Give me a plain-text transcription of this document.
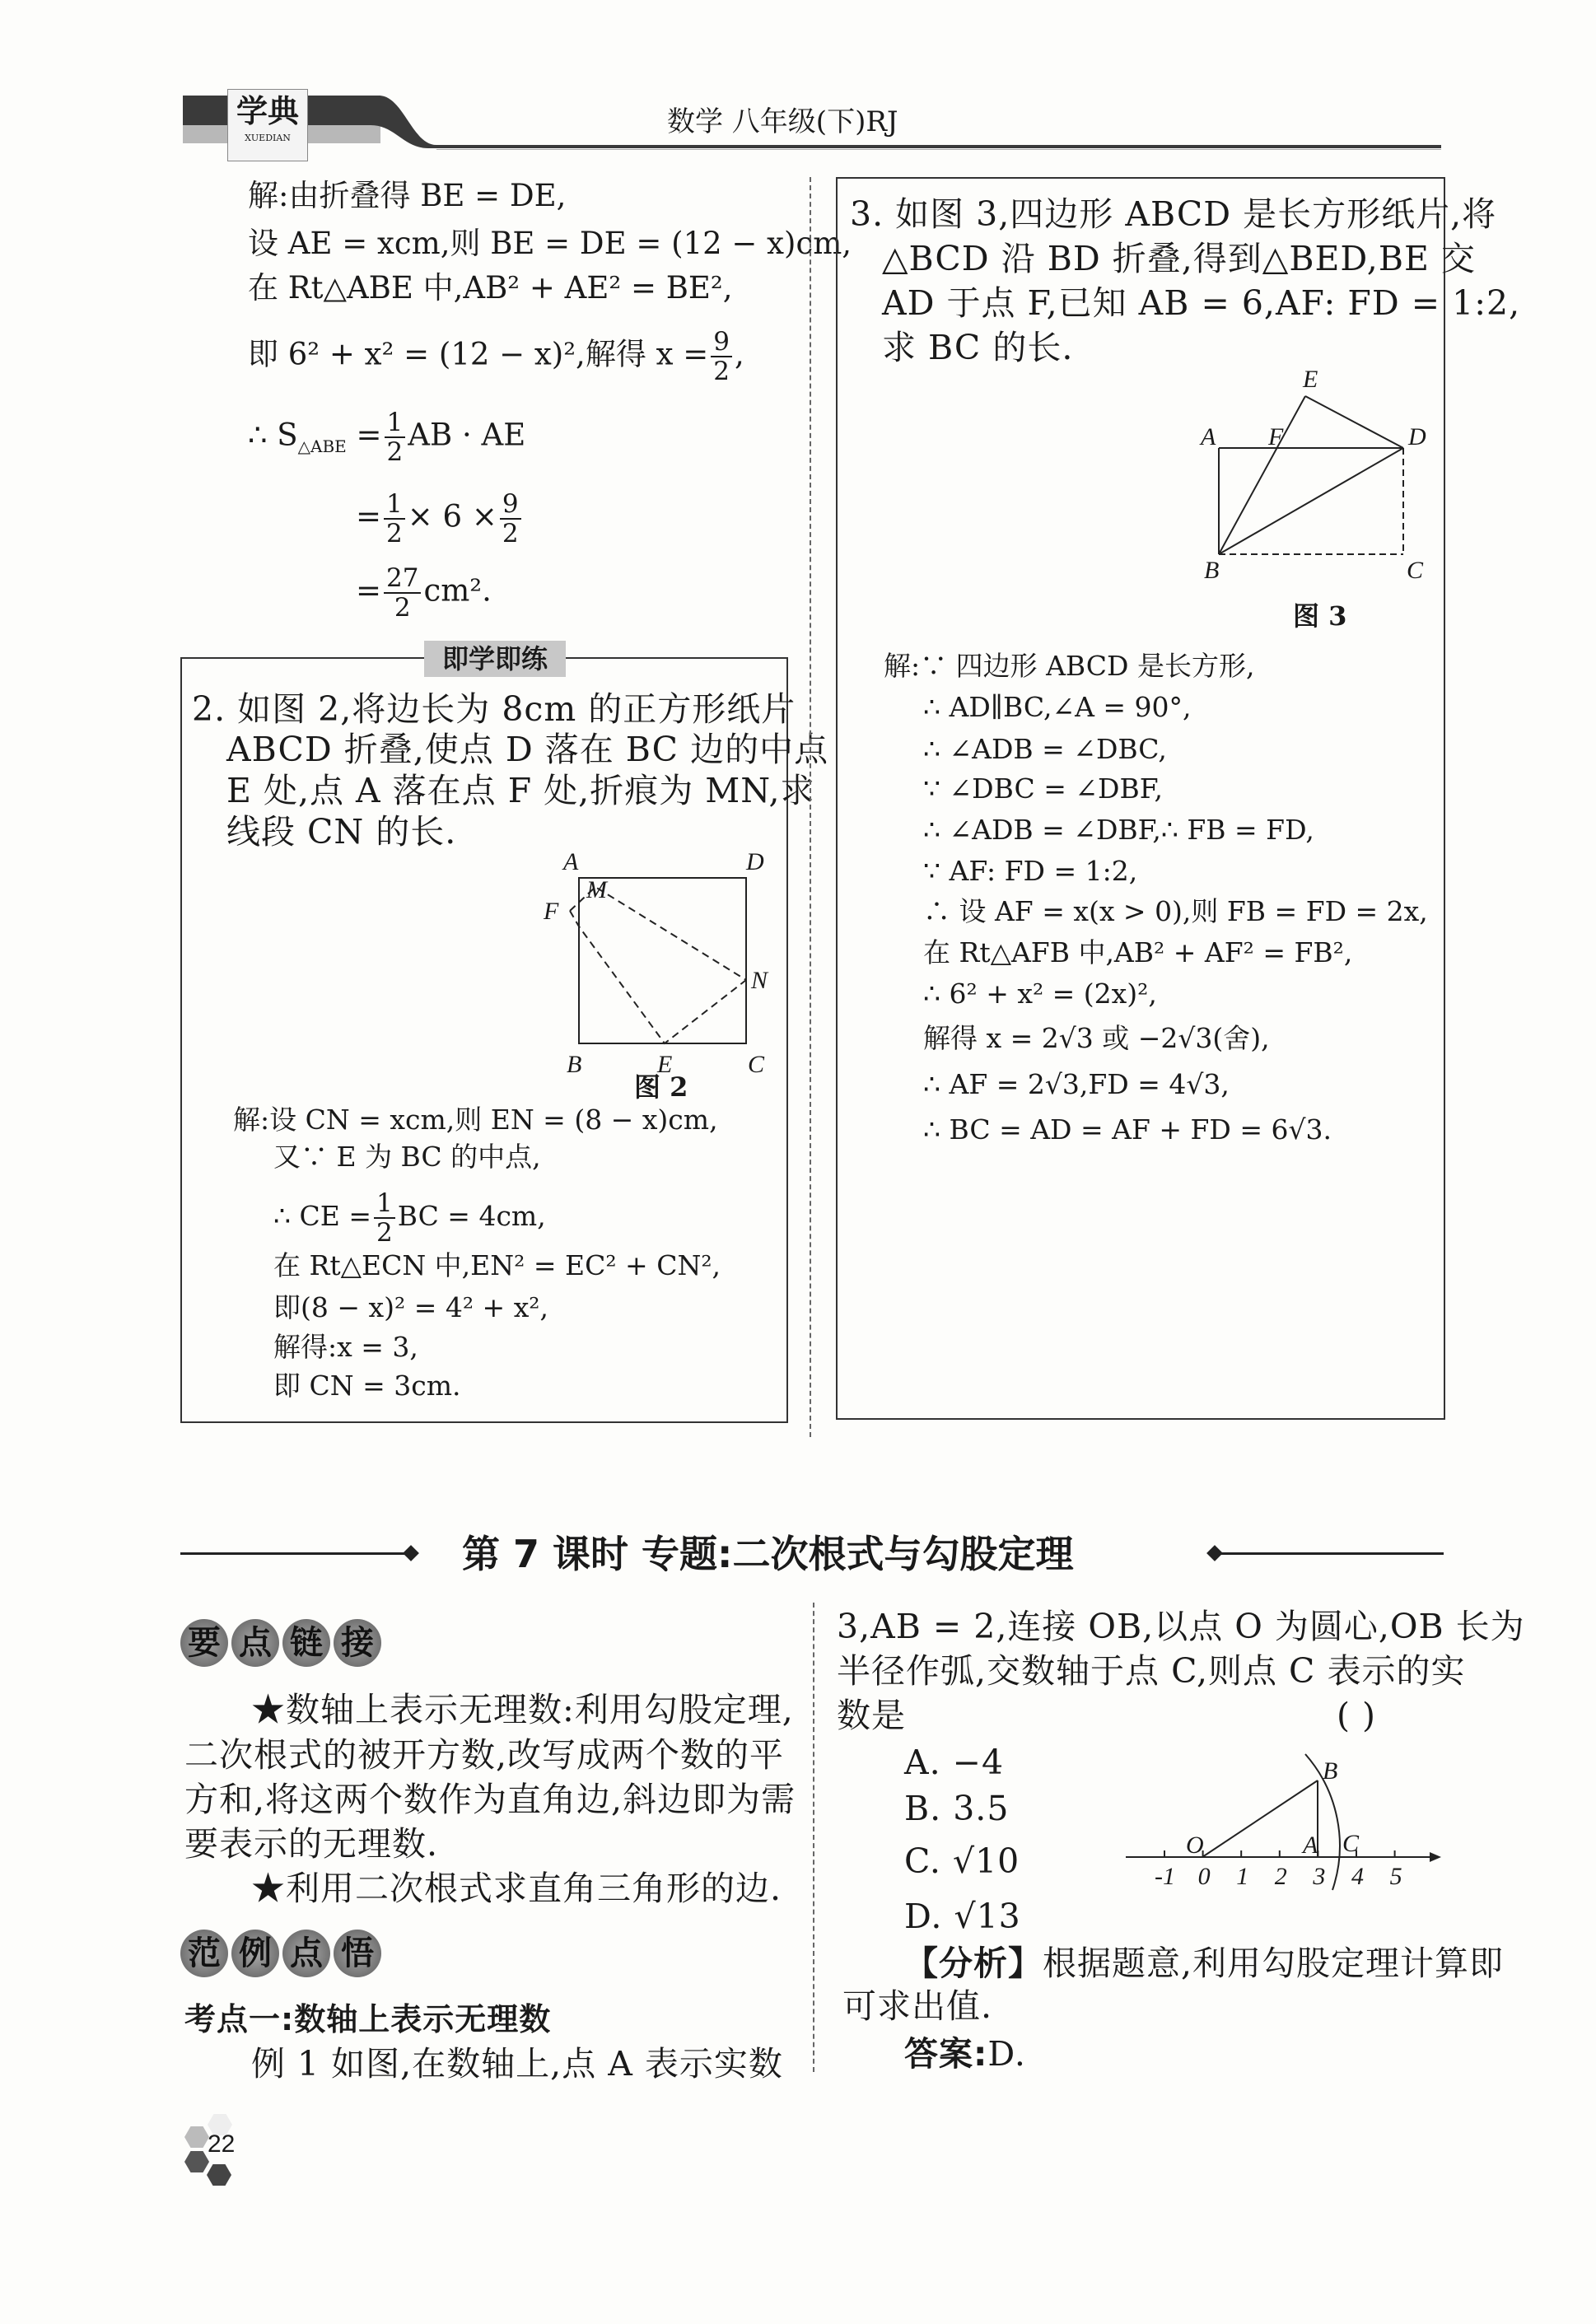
学典
XUEDIAN	数学 八年级(下)RJ
解:由折叠得 BE = DE,
设 AE = xcm,则 BE = DE = (12 − x)cm,
在 Rt△ABE 中,AB² + AE² = BE²,
即 6² + x² = (12 − x)²,解得 $x = \frac{9}{2}$ ,
∴ $S_{\triangle ABE} = \frac{1}{2}$ AB · AE
= $\frac{1}{2} \times 6 \times \frac{9}{2}$
= $\frac{27}{2} cm^2$.
即学即练
2. 如图 2,将边长为 8cm 的正方形纸片
ABCD 折叠,使点 D 落在 BC 边的中点
E 处,点 A 落在点 F 处,折痕为 MN,求
线段 CN 的长.
A	D
M
F
N
B	E	C
图 2
解:设 CN = xcm,则 EN = (8 − x)cm,
又∵ E 为 BC 的中点,
∴ CE = $\frac{1}{2}$ BC = 4cm,
在 Rt△ECN 中,EN² = EC² + CN²,
即(8 − x)² = 4² + x²,
解得:x = 3,
即 CN = 3cm.
3. 如图 3,四边形 ABCD 是长方形纸片,将
△BCD 沿 BD 折叠,得到△BED,BE 交
AD 于点 F,已知 AB = 6,AF: FD = 1:2,
求 BC 的长.
A F
E
D
B	C
图 3
解:∵ 四边形 ABCD 是长方形,
∴ AD∥BC,∠A = 90°,
∴ ∠ADB = ∠DBC,
∵ ∠DBC = ∠DBF,
∴ ∠ADB = ∠DBF,∴ FB = FD,
∵ AF: FD = 1:2,
∴ 设 AF = x(x > 0),则 FB = FD = 2x,
在 Rt△AFB 中,AB² + AF² = FB²,
∴ 6² + x² = (2x)²,
解得 x = 2√3 或 −2√3(舍),
∴ AF = 2√3,FD = 4√3,
∴ BC = AD = AF + FD = 6√3.
第 7 课时 专题:二次根式与勾股定理
要 点 链 接
★数轴上表示无理数:利用勾股定理,
二次根式的被开方数,改写成两个数的平
方和,将这两个数作为直角边,斜边即为需
要表示的无理数.
★利用二次根式求直角三角形的边.
范 例 点 悟
考点一:数轴上表示无理数
例 1 如图,在数轴上,点 A 表示实数
3,AB = 2,连接 OB,以点 O 为圆心,OB 长为
半径作弧,交数轴于点 C,则点 C 表示的实
数是	( )
A. −4
B. 3.5
C. √10
D. √13
-1 0 1 2 3 4 5
O	A
B
C
【分析】根据题意,利用勾股定理计算即
可求出值.
答案:D.
22
